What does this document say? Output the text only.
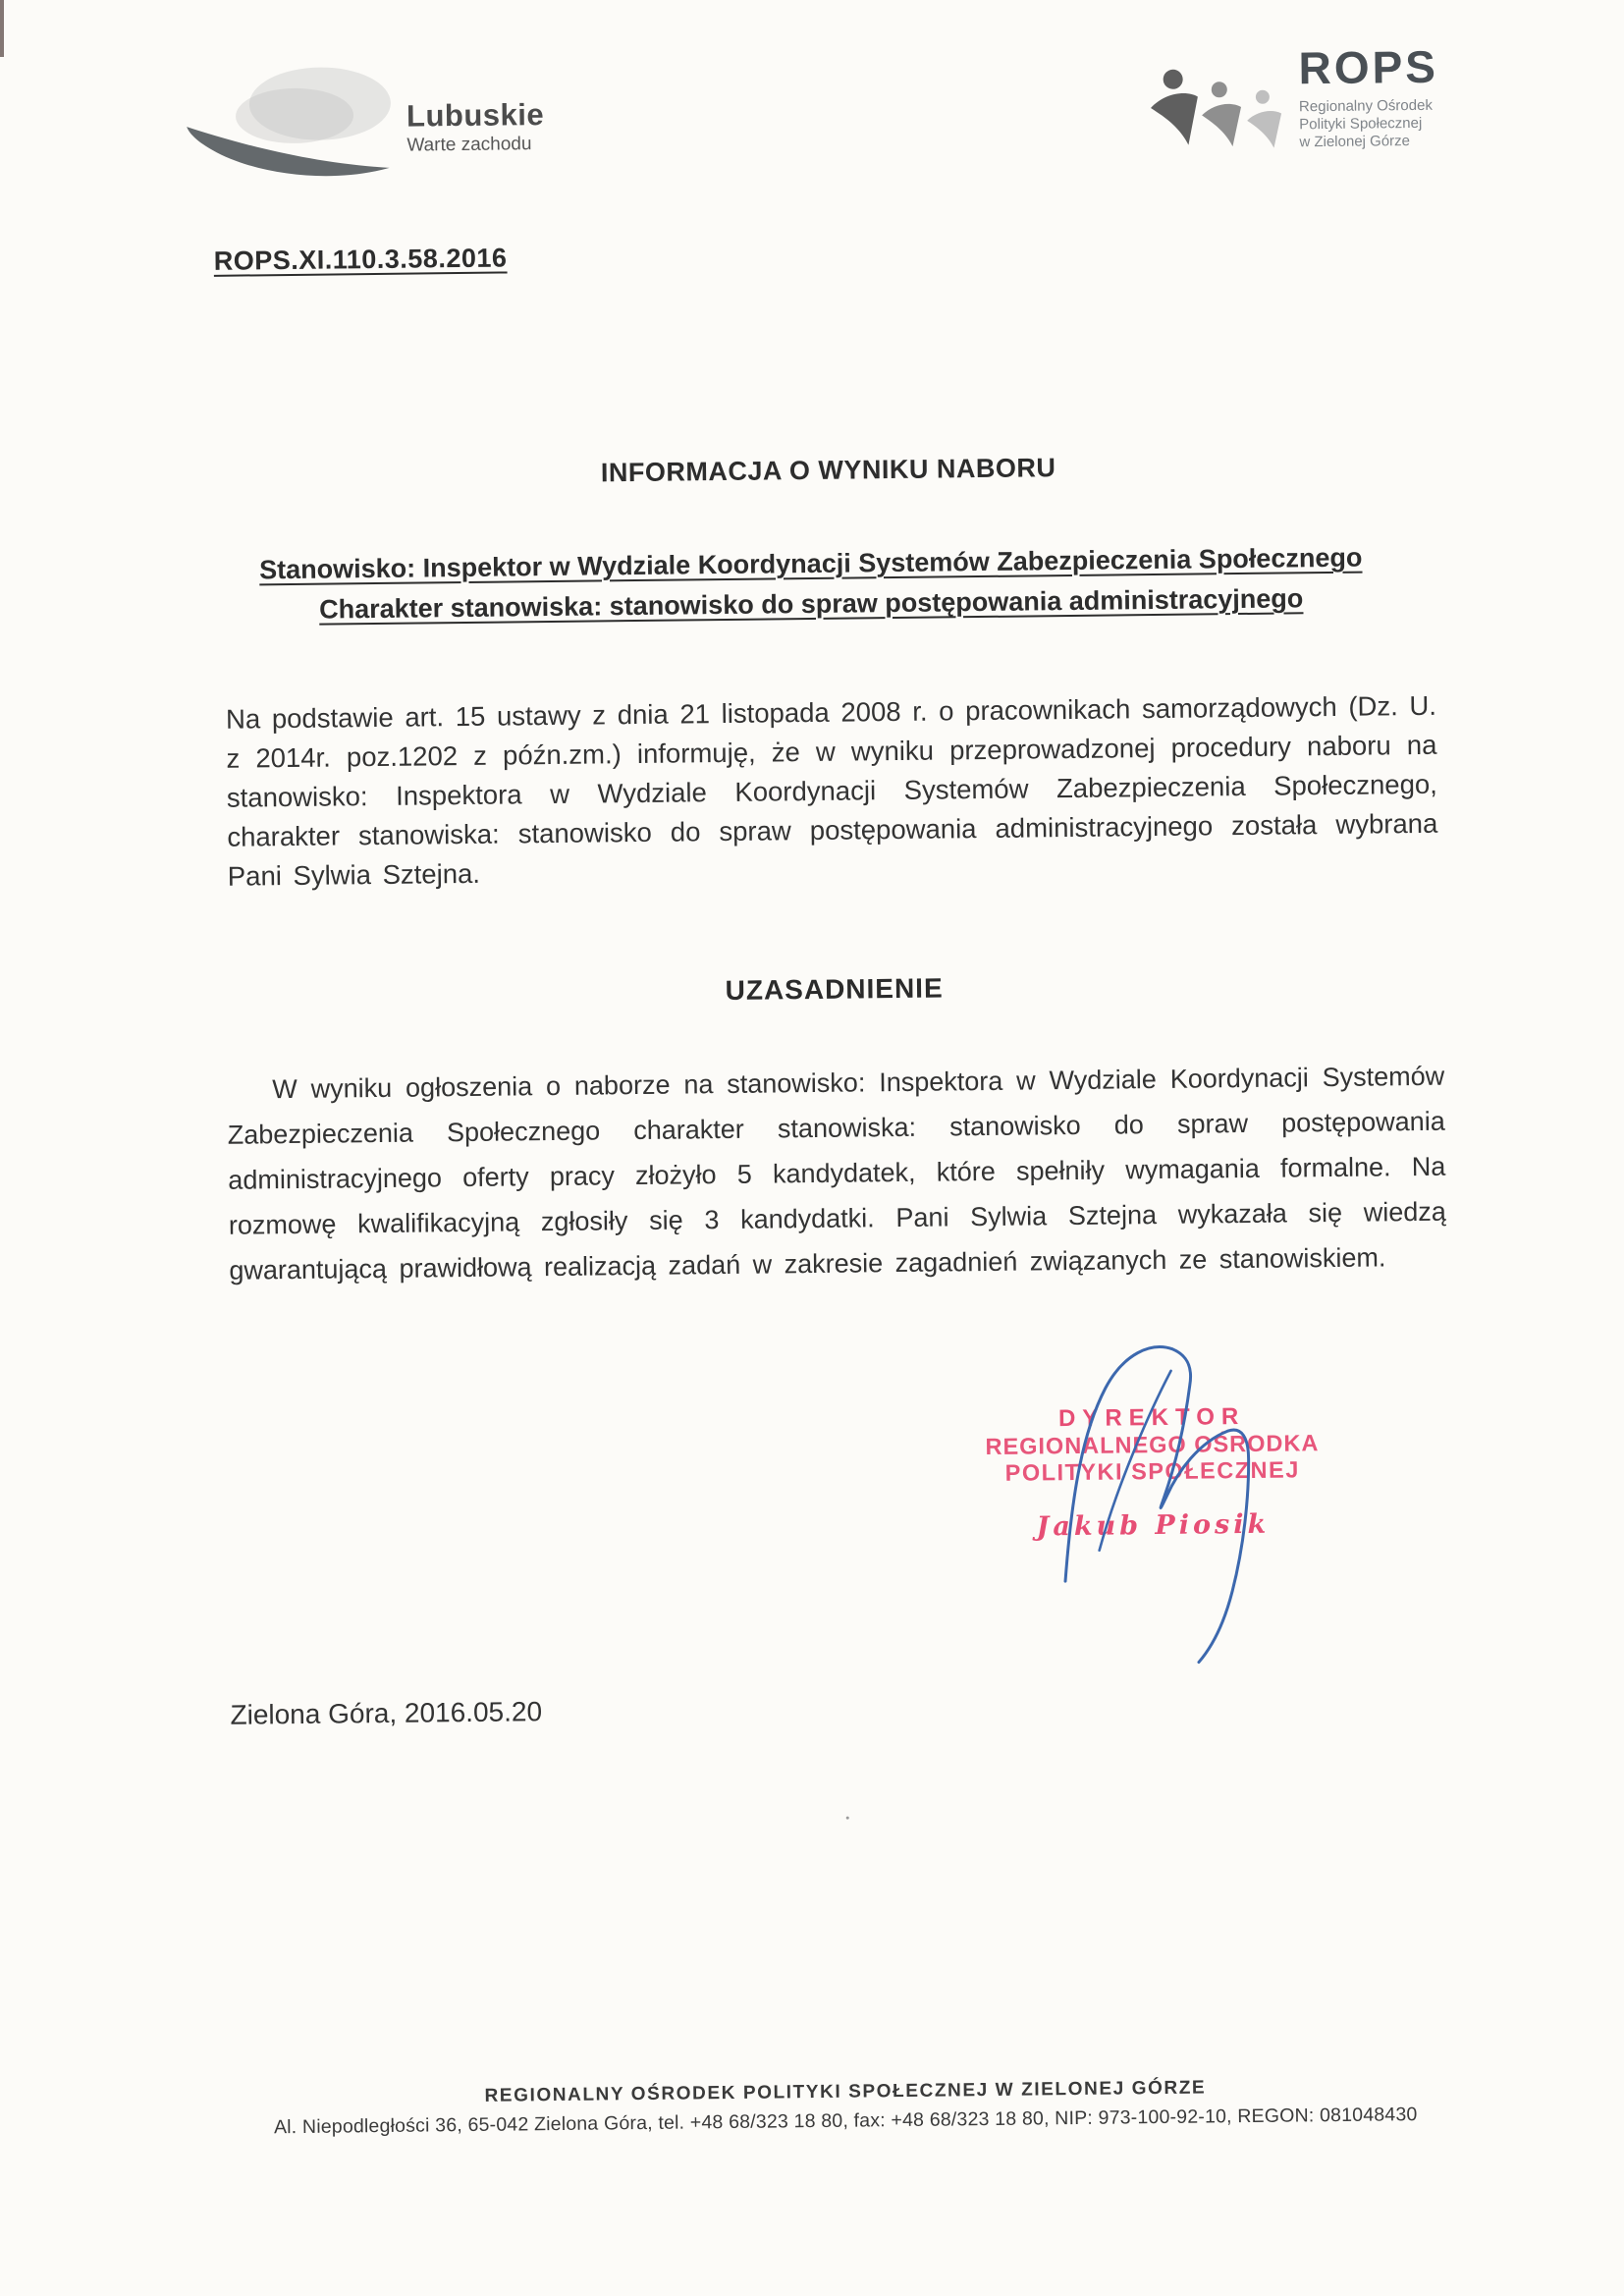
Lubuskie
Warte zachodu
ROPS
Regionalny Ośrodek
Polityki Społecznej
w Zielonej Górze
ROPS.XI.110.3.58.2016
INFORMACJA O WYNIKU NABORU
Stanowisko: Inspektor w Wydziale Koordynacji Systemów Zabezpieczenia Społecznego
Charakter stanowiska: stanowisko do spraw postępowania administracyjnego
Na podstawie art. 15 ustawy z dnia 21 listopada 2008 r. o pracownikach samorządowych (Dz. U. z 2014r. poz.1202 z późn.zm.) informuję, że w wyniku przeprowadzonej procedury naboru na stanowisko: Inspektora w Wydziale Koordynacji Systemów Zabezpieczenia Społecznego, charakter stanowiska: stanowisko do spraw postępowania administracyjnego została wybrana Pani Sylwia Sztejna.
UZASADNIENIE
W wyniku ogłoszenia o naborze na stanowisko: Inspektora w Wydziale Koordynacji Systemów Zabezpieczenia Społecznego charakter stanowiska: stanowisko do spraw postępowania administracyjnego oferty pracy złożyło 5 kandydatek, które spełniły wymagania formalne. Na rozmowę kwalifikacyjną zgłosiły się 3 kandydatki. Pani Sylwia Sztejna wykazała się wiedzą gwarantującą prawidłową realizacją zadań w zakresie zagadnień związanych ze stanowiskiem.
DYREKTOR
REGIONALNEGO OŚRODKA
POLITYKI SPOŁECZNEJ
Jakub Piosik
Zielona Góra, 2016.05.20
REGIONALNY OŚRODEK POLITYKI SPOŁECZNEJ W ZIELONEJ GÓRZE
Al. Niepodległości 36, 65-042 Zielona Góra, tel. +48 68/323 18 80, fax: +48 68/323 18 80, NIP: 973-100-92-10, REGON: 081048430
